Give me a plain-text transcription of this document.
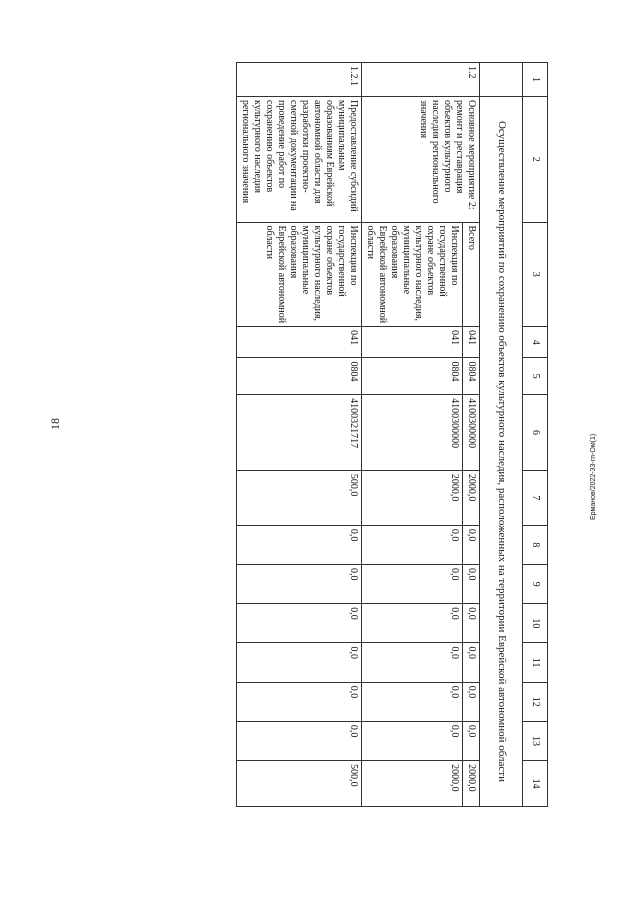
18
Ерманов/2022-33-гп-Ом(1)
1	2	3	4	5	6	7	8	9	10	11	12	13	14
	Осуществление мероприятий по сохранению объектов культурного наследия, расположенных на территории Еврейской автономной области												
1.2	Основное мероприятие 2: ремонт и реставрация объектов культурного наследия регионального значения	Всего	041	0804	4100300000	2000,0	0,0	0,0	0,0	0,0	0,0	0,0	2000,0
		Инспекция по государственной охране объектов культурного наследия, муниципальные образования Еврейской автономной области	041	0804	4100300000	2000,0	0,0	0,0	0,0	0,0	0,0	0,0	2000,0
1.2.1	Предоставление субсидий муниципальным образованиям Еврейской автономной области для разработки проектно-сметной документации на проведение работ по сохранению объектов культурного наследия регионального значения	Инспекция по государственной охране объектов культурного наследия, муниципальные образования Еврейской автономной области	041	0804	4100321717	500,0	0,0	0,0	0,0	0,0	0,0	0,0	500,0
